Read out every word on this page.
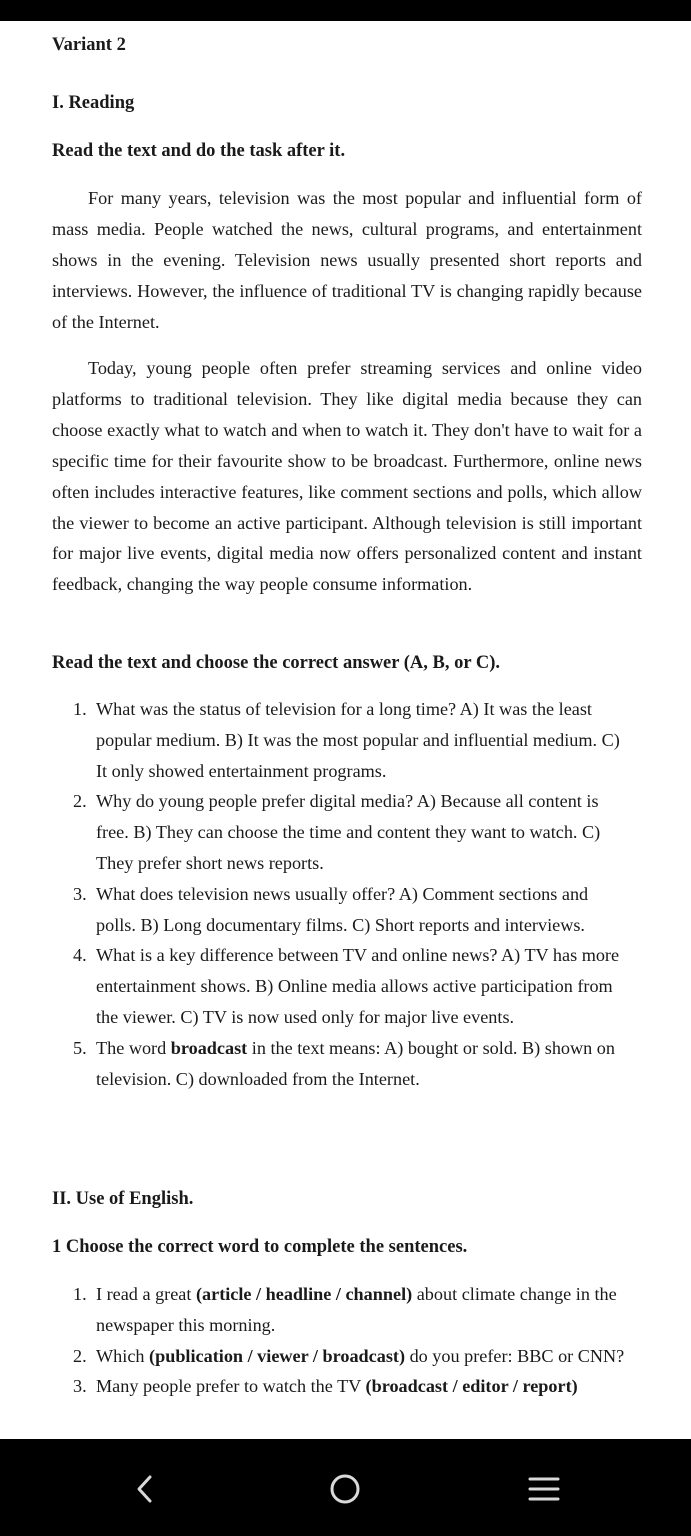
Variant 2
I. Reading
Read the text and do the task after it.
For many years, television was the most popular and influential form of mass media. People watched the news, cultural programs, and entertainment shows in the evening. Television news usually presented short reports and interviews. However, the influence of traditional TV is changing rapidly because of the Internet.
Today, young people often prefer streaming services and online video platforms to traditional television. They like digital media because they can choose exactly what to watch and when to watch it. They don't have to wait for a specific time for their favourite show to be broadcast. Furthermore, online news often includes interactive features, like comment sections and polls, which allow the viewer to become an active participant. Although television is still important for major live events, digital media now offers personalized content and instant feedback, changing the way people consume information.
Read the text and choose the correct answer (A, B, or C).
1. What was the status of television for a long time? A) It was the least popular medium. B) It was the most popular and influential medium. C) It only showed entertainment programs.
2. Why do young people prefer digital media? A) Because all content is free. B) They can choose the time and content they want to watch. C) They prefer short news reports.
3. What does television news usually offer? A) Comment sections and polls. B) Long documentary films. C) Short reports and interviews.
4. What is a key difference between TV and online news? A) TV has more entertainment shows. B) Online media allows active participation from the viewer. C) TV is now used only for major live events.
5. The word broadcast in the text means: A) bought or sold. B) shown on television. C) downloaded from the Internet.
II. Use of English.
1 Choose the correct word to complete the sentences.
1. I read a great (article / headline / channel) about climate change in the newspaper this morning.
2. Which (publication / viewer / broadcast) do you prefer: BBC or CNN?
3. Many people prefer to watch the TV (broadcast / editor / report)
